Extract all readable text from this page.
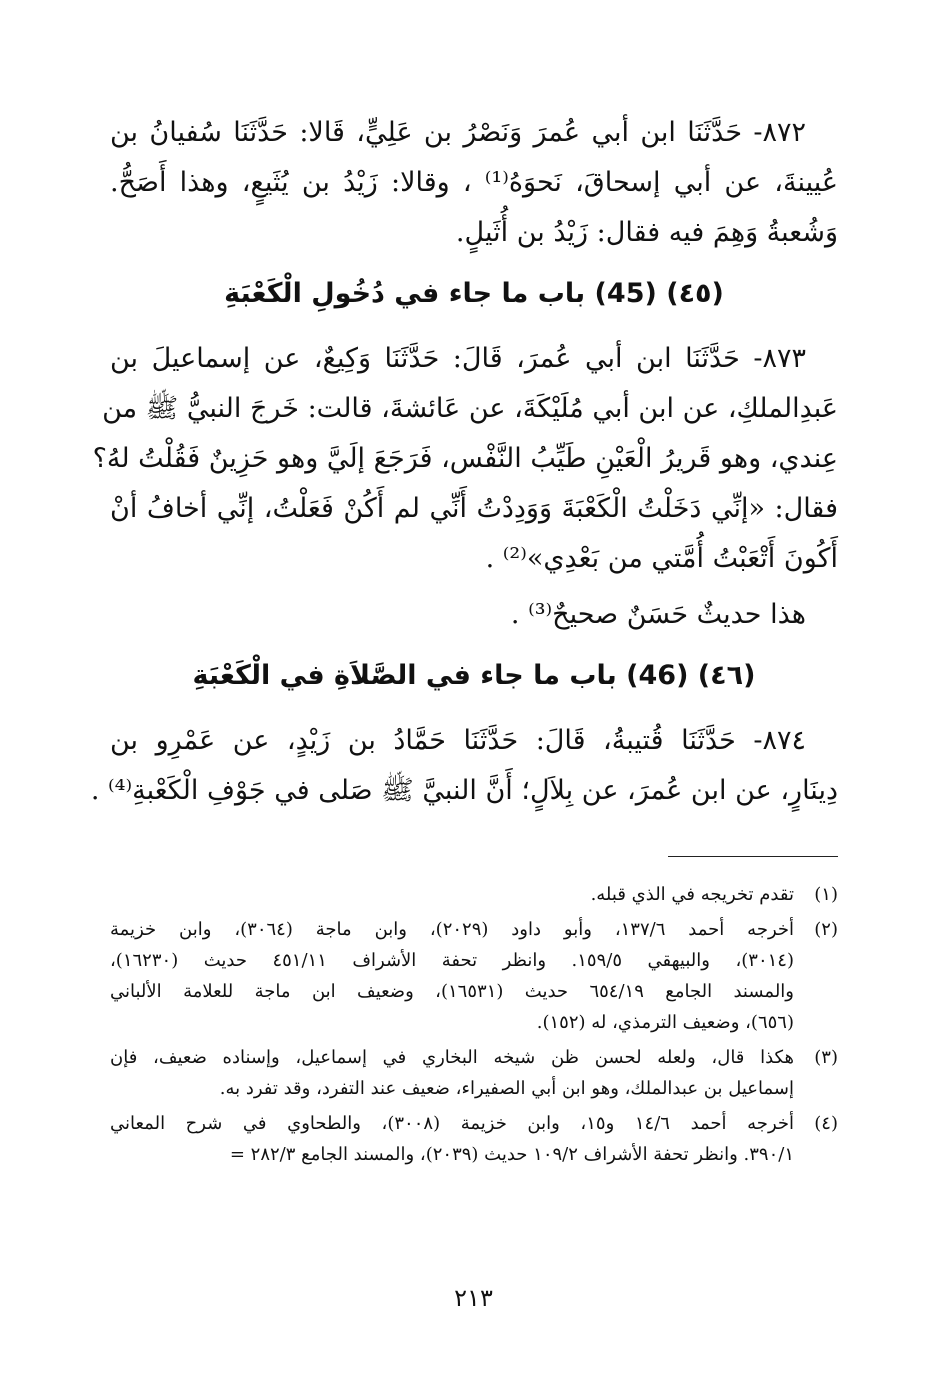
٨٧٢- حَدَّثَنَا ابن أبي عُمرَ وَنَصْرُ بن عَلِيٍّ، قَالا: حَدَّثَنَا سُفيانُ بن
عُيينةَ، عن أبي إسحاقَ، نَحوَهُ⁽¹⁾ ، وقالا: زَيْدُ بن يُثَيعٍ، وهذا أَصَحُّ.
وَشُعبةُ وَهِمَ فيه فقال: زَيْدُ بن أُثَيلٍ.
(٤٥) (45) باب ما جاء في دُخُولِ الْكَعْبَةِ
٨٧٣- حَدَّثَنَا ابن أبي عُمرَ، قَالَ: حَدَّثَنَا وَكِيعٌ، عن إسماعيلَ بن
عَبدِالملكِ، عن ابن أبي مُلَيْكَةَ، عن عَائشةَ، قالت: خَرجَ النبيُّ ﷺ من
عِندي، وهو قَريرُ الْعَيْنِ طَيِّبُ النَّفْس، فَرَجَعَ إلَيَّ وهو حَزِينٌ فَقُلْتُ لهُ؟
فقال: «إنِّي دَخَلْتُ الْكَعْبَةَ وَوَدِدْتُ أَنِّي لم أَكُنْ فَعَلْتُ، إنِّي أخافُ أنْ
أَكُونَ أَتْعَبْتُ أُمَّتي من بَعْدِي»⁽²⁾ .
هذا حديثٌ حَسَنٌ صحيحٌ⁽³⁾ .
(٤٦) (46) باب ما جاء في الصَّلاَةِ في الْكَعْبَةِ
٨٧٤- حَدَّثَنَا قُتيبةُ، قَالَ: حَدَّثَنَا حَمَّادُ بن زَيْدٍ، عن عَمْرِو بن
دِينَارٍ، عن ابن عُمرَ، عن بِلاَلٍ؛ أَنَّ النبيَّ ﷺ صَلى في جَوْفِ الْكَعْبةِ⁽⁴⁾ .
(١)
تقدم تخريجه في الذي قبله.
(٢)
أخرجه أحمد ١٣٧/٦، وأبو داود (٢٠٢٩)، وابن ماجة (٣٠٦٤)، وابن خزيمة
(٣٠١٤)، والبيهقي ١٥٩/٥. وانظر تحفة الأشراف ٤٥١/١١ حديث (١٦٢٣٠)،
والمسند الجامع ٦٥٤/١٩ حديث (١٦٥٣١)، وضعيف ابن ماجة للعلامة الألباني
(٦٥٦)، وضعيف الترمذي، له (١٥٢).
(٣)
هكذا قال، ولعله لحسن ظن شيخه البخاري في إسماعيل، وإسناده ضعيف، فإن
إسماعيل بن عبدالملك، وهو ابن أبي الصفيراء، ضعيف عند التفرد، وقد تفرد به.
(٤)
أخرجه أحمد ١٤/٦ و١٥، وابن خزيمة (٣٠٠٨)، والطحاوي في شرح المعاني
٣٩٠/١. وانظر تحفة الأشراف ١٠٩/٢ حديث (٢٠٣٩)، والمسند الجامع ٢٨٢/٣ =
٢١٣
